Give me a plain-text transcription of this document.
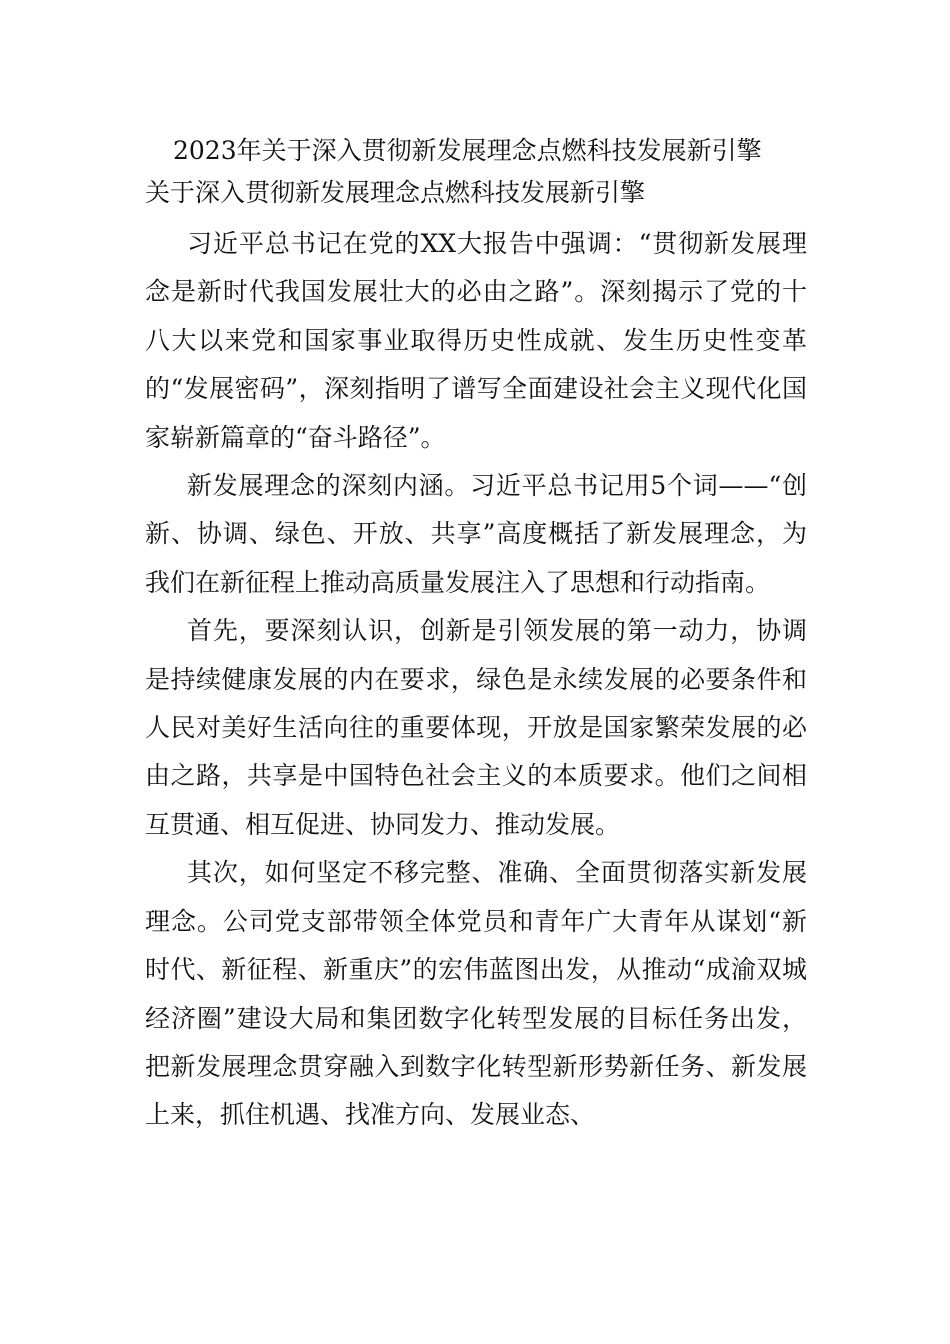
2023年关于深入贯彻新发展理念点燃科技发展新引擎
关于深入贯彻新发展理念点燃科技发展新引擎

习近平总书记在党的XX大报告中强调：“贯彻新发展理念是新时代我国发展壮大的必由之路”。深刻揭示了党的十八大以来党和国家事业取得历史性成就、发生历史性变革的“发展密码”，深刻指明了谱写全面建设社会主义现代化国家崭新篇章的“奋斗路径”。

新发展理念的深刻内涵。习近平总书记用5个词——“创新、协调、绿色、开放、共享”高度概括了新发展理念，为我们在新征程上推动高质量发展注入了思想和行动指南。

首先，要深刻认识，创新是引领发展的第一动力，协调是持续健康发展的内在要求，绿色是永续发展的必要条件和人民对美好生活向往的重要体现，开放是国家繁荣发展的必由之路，共享是中国特色社会主义的本质要求。他们之间相互贯通、相互促进、协同发力、推动发展。

其次，如何坚定不移完整、准确、全面贯彻落实新发展理念。公司党支部带领全体党员和青年广大青年从谋划“新时代、新征程、新重庆”的宏伟蓝图出发，从推动“成渝双城经济圈”建设大局和集团数字化转型发展的目标任务出发，把新发展理念贯穿融入到数字化转型新形势新任务、新发展上来，抓住机遇、找准方向、发展业态、
